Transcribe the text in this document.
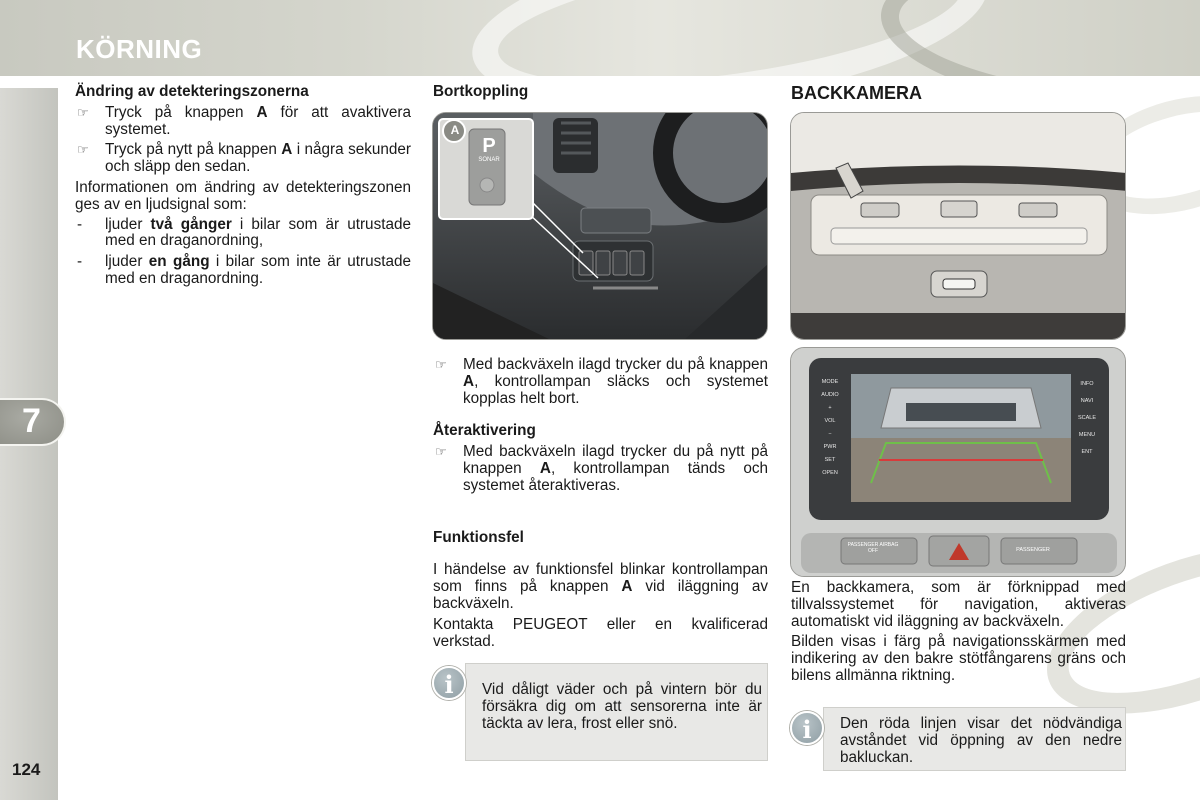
KÖRNING
7
124
Ändring av detekteringszonerna
☞ Tryck på knappen A för att avaktivera systemet.
☞ Tryck på nytt på knappen A i några sekunder och släpp den sedan.
Informationen om ändring av detekteringszonen ges av en ljudsignal som:
- ljuder två gånger i bilar som är utrustade med en draganordning,
- ljuder en gång i bilar som inte är utrustade med en draganordning.
Bortkoppling
A
P
SONAR
☞ Med backväxeln ilagd trycker du på knappen A, kontrollampan släcks och systemet kopplas helt bort.
Återaktivering
☞ Med backväxeln ilagd trycker du på nytt på knappen A, kontrollampan tänds och systemet återaktiveras.
Funktionsfel
I händelse av funktionsfel blinkar kontrollampan som finns på knappen A vid iläggning av backväxeln.
Kontakta PEUGEOT eller en kvalificerad verkstad.
Vid dåligt väder och på vintern bör du försäkra dig om att sensorerna inte är täckta av lera, frost eller snö.
i
BACKKAMERA
MODE
AUDIO
+
VOL
−
PWR
SET
OPEN
INFO
NAVI
SCALE
MENU
ENT
PASSENGER AIRBAG OFF	PASSENGER
En backkamera, som är förknippad med tillvalssystemet för navigation, aktiveras automatiskt vid iläggning av backväxeln.
Bilden visas i färg på navigationsskärmen med indikering av den bakre stötfångarens gräns och bilens allmänna riktning.
Den röda linjen visar det nödvändiga avståndet vid öppning av den nedre bakluckan.
i
